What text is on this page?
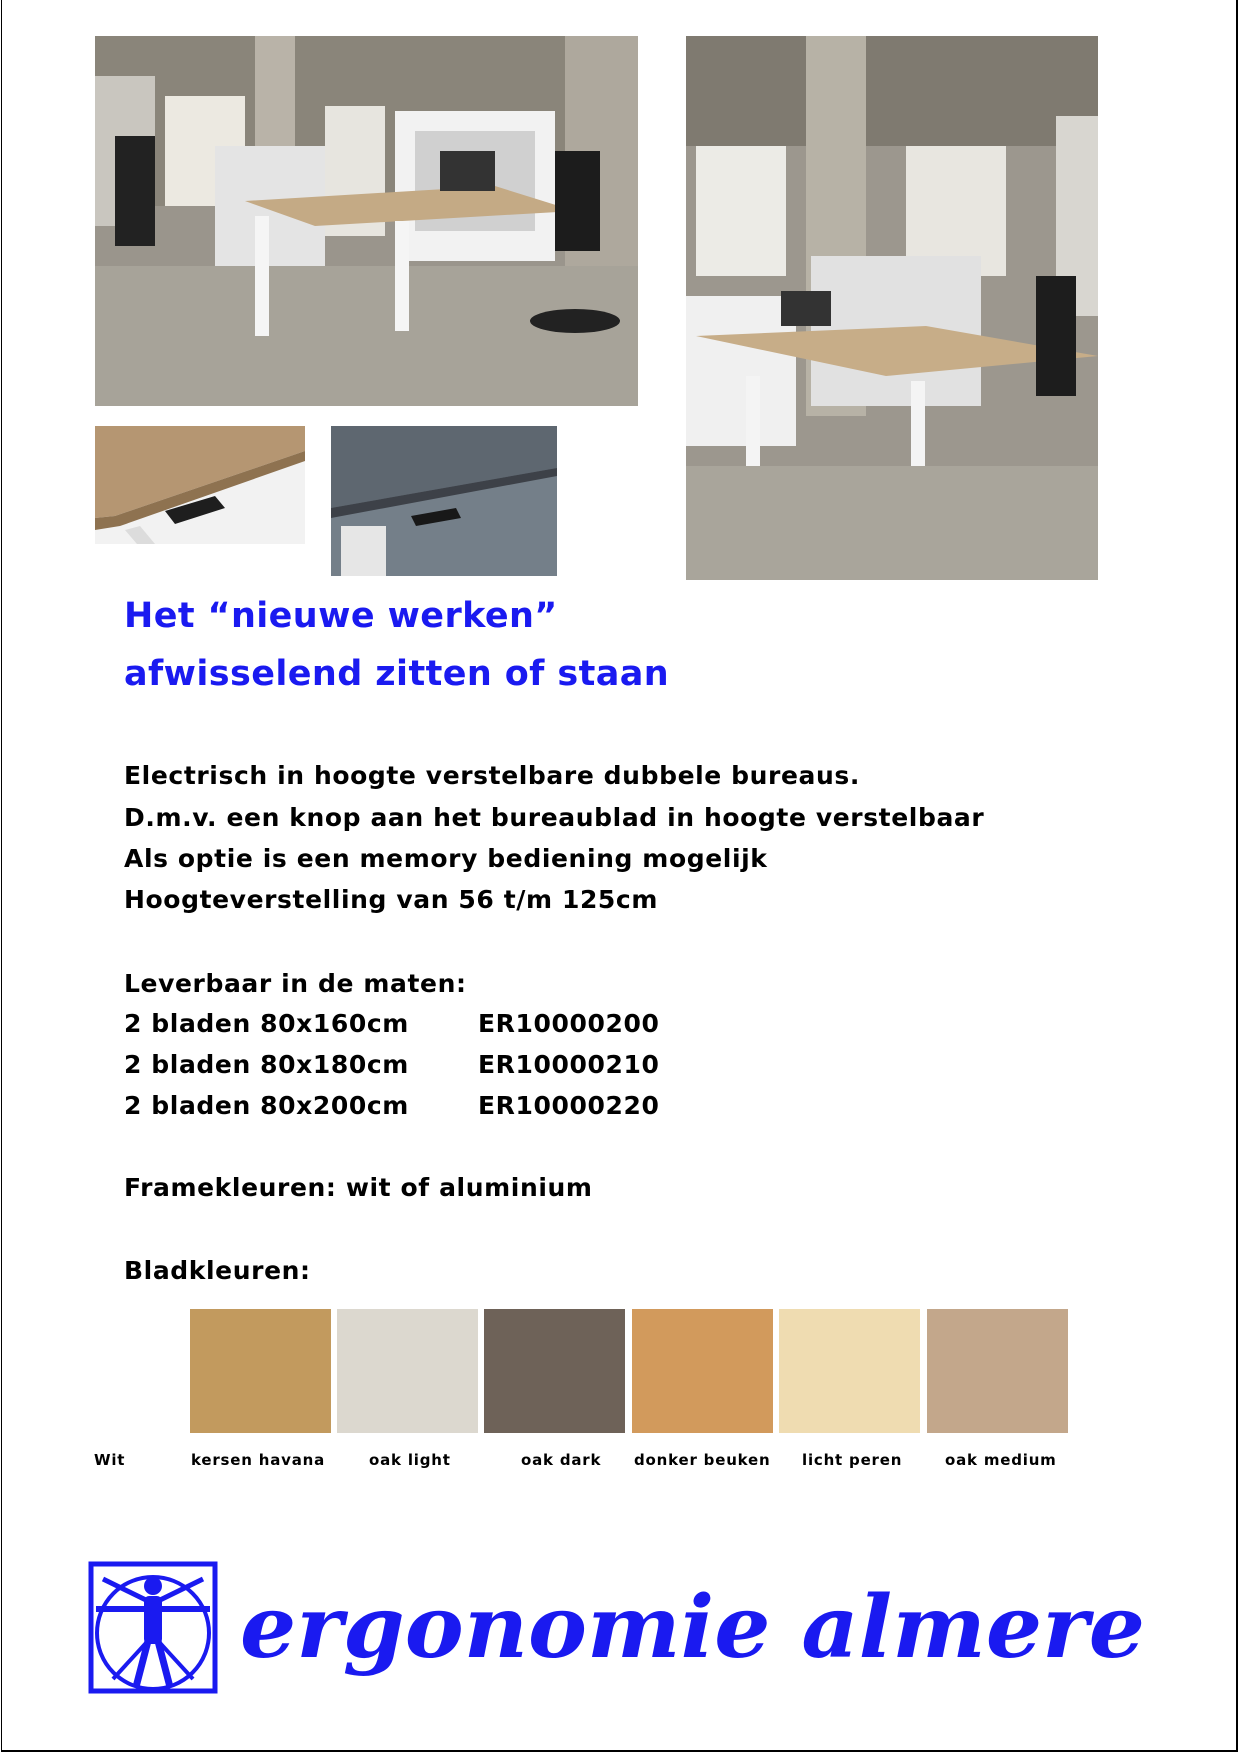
Het “nieuwe werken”
afwisselend zitten of staan
Electrisch in hoogte verstelbare dubbele bureaus.
D.m.v. een knop aan het bureaublad in hoogte verstelbaar
Als optie is een memory bediening mogelijk
Hoogteverstelling van 56 t/m 125cm
Leverbaar in de maten:
2 bladen 80x160cm	ER10000200
2 bladen 80x180cm	ER10000210
2 bladen 80x200cm	ER10000220
Framekleuren: wit of aluminium
Bladkleuren:
Wit	kersen havana	oak light	oak dark donker beuken licht peren	oak medium
ergonomie almere
